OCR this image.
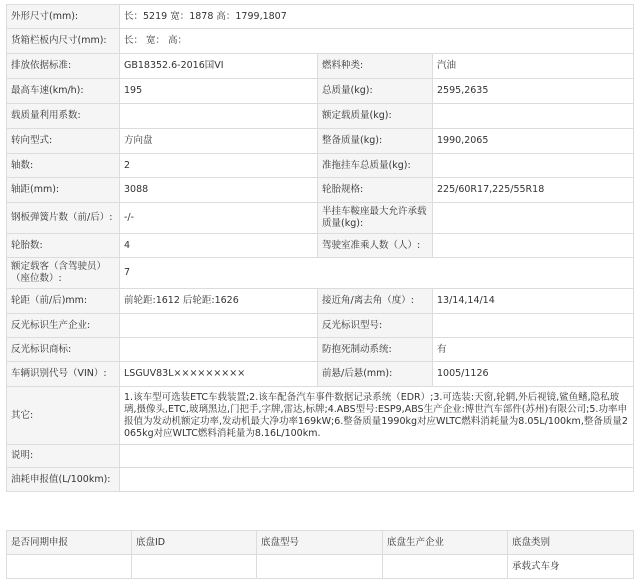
外形尺寸(mm):	长：5219 宽：1878 高：1799,1807		
货箱栏板内尺寸(mm):	长： 宽： 高：		
排放依据标准:	GB18352.6-2016国VI	燃料种类:	汽油
最高车速(km/h):	195	总质量(kg):	2595,2635
载质量利用系数:		额定载质量(kg):	
转向型式:	方向盘	整备质量(kg):	1990,2065
轴数:	2	准拖挂车总质量(kg):	
轴距(mm):	3088	轮胎规格:	225/60R17,225/55R18
钢板弹簧片数（前/后）:	-/-	半挂车鞍座最大允许承载质量(kg):	
轮胎数:	4	驾驶室准乘人数（人）:	
额定载客（含驾驶员）（座位数）:	7		
轮距（前/后)mm:	前轮距:1612 后轮距:1626	接近角/离去角（度）:	13/14,14/14
反光标识生产企业:		反光标识型号:	
反光标识商标:		防抱死制动系统:	有
车辆识别代号（VIN）:	LSGUV83L×××××××××	前悬/后悬(mm):	1005/1126
其它:	1.该车型可选装ETC车载装置;2.该车配备汽车事件数据记录系统（EDR）;3.可选装:天窗,轮辋,外后视镜,鲨鱼鳍,隐私玻璃,摄像头,ETC,玻璃黑边,门把手,字牌,雷达,标牌;4.ABS型号:ESP9,ABS生产企业:博世汽车部件(苏州)有限公司;5.功率申报值为发动机额定功率,发动机最大净功率169kW;6.整备质量1990kg对应WLTC燃料消耗量为8.05L/100km,整备质量2065kg对应WLTC燃料消耗量为8.16L/100km.		
说明:			
油耗申报值(L/100km):			
是否同期申报	底盘ID	底盘型号	底盘生产企业	底盘类别
				承载式车身
